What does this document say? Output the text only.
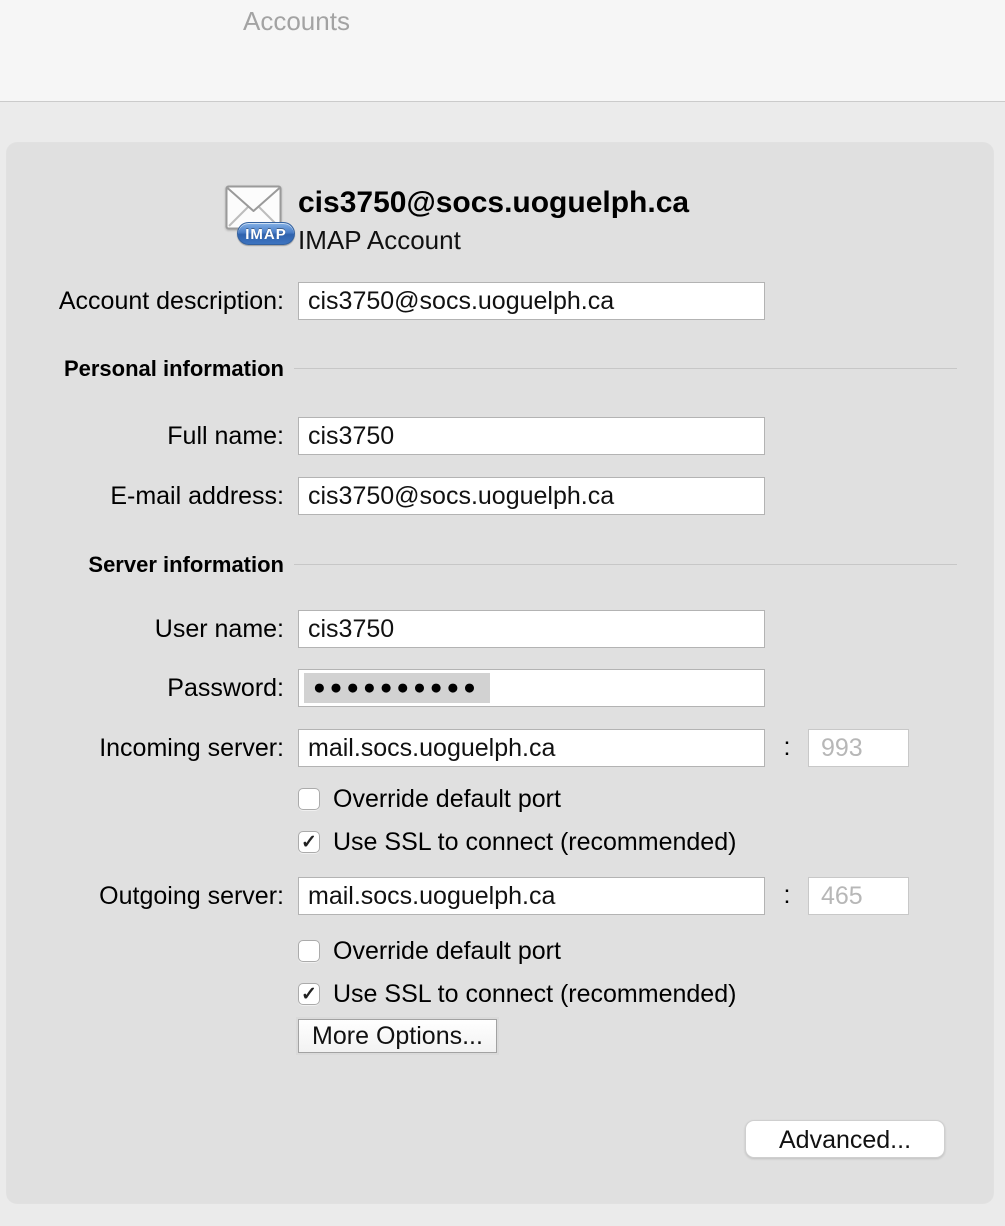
Accounts
IMAP
cis3750@socs.uoguelph.ca
IMAP Account
Account description:
cis3750@socs.uoguelph.ca
Personal information
Full name:
cis3750
E-mail address:
cis3750@socs.uoguelph.ca
Server information
User name:
cis3750
Password: ●●●●●●●●●●
Incoming server:
mail.socs.uoguelph.ca	:
993
Override default port
✓ Use SSL to connect (recommended)
Outgoing server:
mail.socs.uoguelph.ca	:
465
Override default port
✓ Use SSL to connect (recommended)
More Options...
Advanced...
